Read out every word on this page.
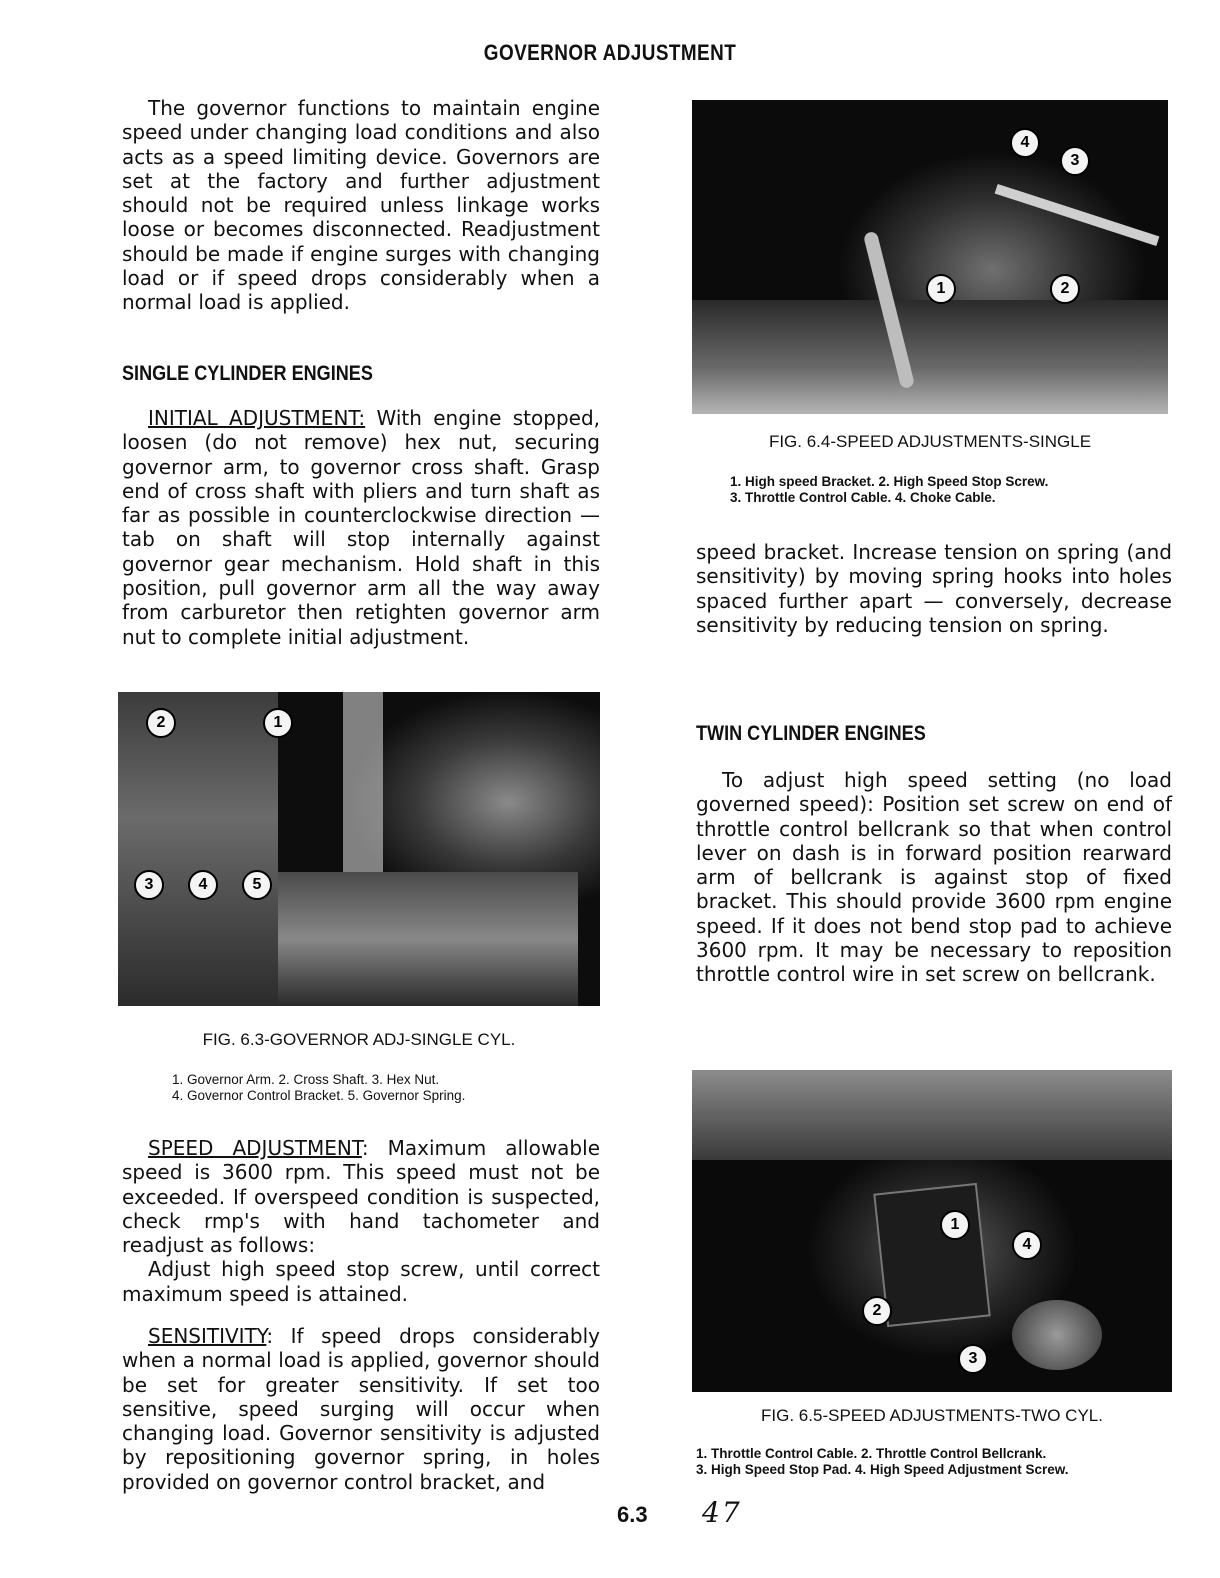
GOVERNOR ADJUSTMENT

The governor functions to maintain engine speed under changing load conditions and also acts as a speed limiting device. Governors are set at the factory and further adjustment should not be required unless linkage works loose or becomes disconnected. Readjustment should be made if engine surges with changing load or if speed drops considerably when a normal load is applied.

SINGLE CYLINDER ENGINES

INITIAL ADJUSTMENT: With engine stopped, loosen (do not remove) hex nut, securing governor arm, to governor cross shaft. Grasp end of cross shaft with pliers and turn shaft as far as possible in counterclockwise direction — tab on shaft will stop internally against governor gear mechanism. Hold shaft in this position, pull governor arm all the way away from carburetor then retighten governor arm nut to complete initial adjustment.

2	1
3	4	5
FIG. 6.3-GOVERNOR ADJ-SINGLE CYL.
1. Governor Arm. 2. Cross Shaft. 3. Hex Nut.
4. Governor Control Bracket. 5. Governor Spring.

SPEED ADJUSTMENT: Maximum allowable speed is 3600 rpm. This speed must not be exceeded. If overspeed condition is suspected, check rmp's with hand tachometer and readjust as follows:

Adjust high speed stop screw, until correct maximum speed is attained.

SENSITIVITY: If speed drops considerably when a normal load is applied, governor should be set for greater sensitivity. If set too sensitive, speed surging will occur when changing load. Governor sensitivity is adjusted by repositioning governor spring, in holes provided on governor control bracket, and

4
3
1	2
FIG. 6.4-SPEED ADJUSTMENTS-SINGLE
1. High speed Bracket. 2. High Speed Stop Screw.
3. Throttle Control Cable. 4. Choke Cable.

speed bracket. Increase tension on spring (and sensitivity) by moving spring hooks into holes spaced further apart — conversely, decrease sensitivity by reducing tension on spring.

TWIN CYLINDER ENGINES

To adjust high speed setting (no load governed speed): Position set screw on end of throttle control bellcrank so that when control lever on dash is in forward position rearward arm of bellcrank is against stop of fixed bracket. This should provide 3600 rpm engine speed. If it does not bend stop pad to achieve 3600 rpm. It may be necessary to reposition throttle control wire in set screw on bellcrank.

1
4
2
3
FIG. 6.5-SPEED ADJUSTMENTS-TWO CYL.
1. Throttle Control Cable. 2. Throttle Control Bellcrank.
3. High Speed Stop Pad. 4. High Speed Adjustment Screw.
6.3 47
